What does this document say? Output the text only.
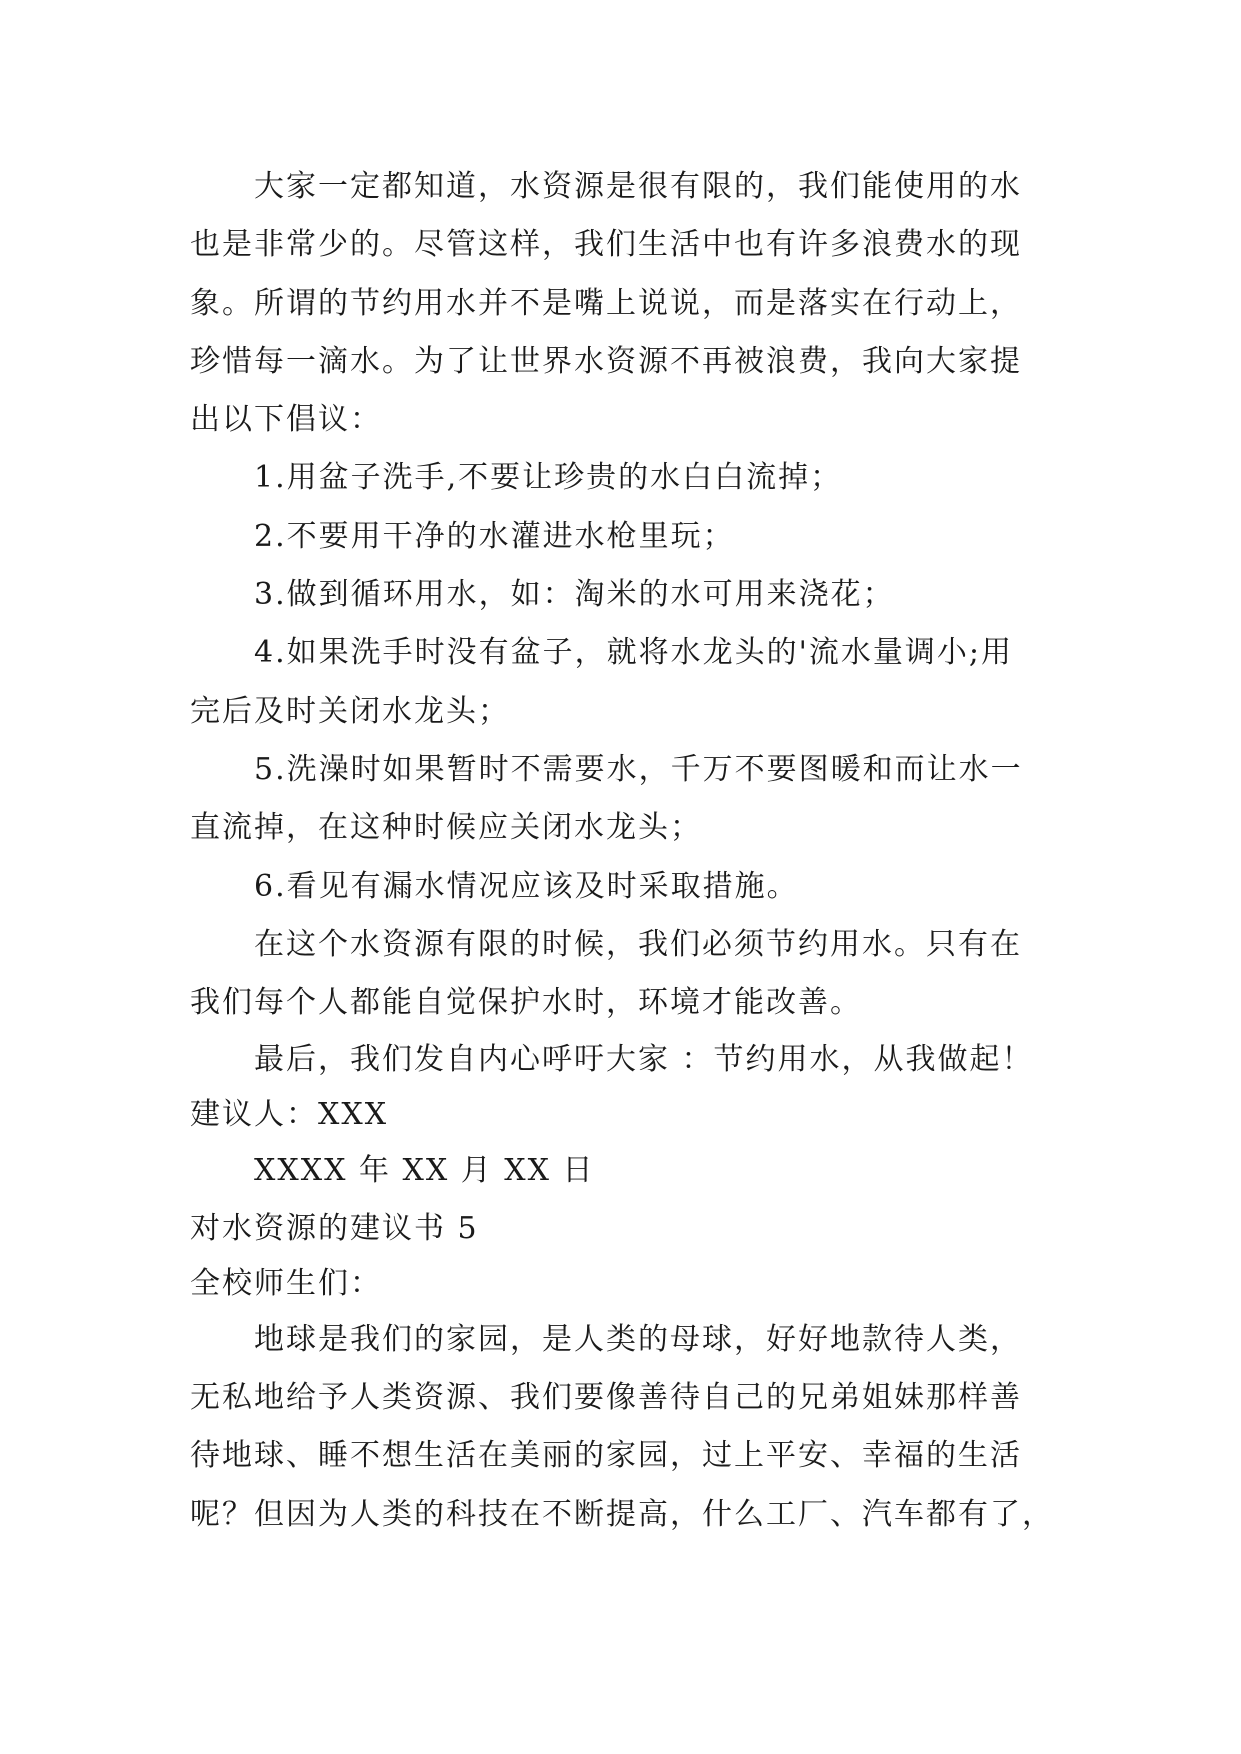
大家一定都知道，水资源是很有限的，我们能使用的水

也是非常少的。尽管这样，我们生活中也有许多浪费水的现

象。所谓的节约用水并不是嘴上说说，而是落实在行动上，

珍惜每一滴水。为了让世界水资源不再被浪费，我向大家提

出以下倡议：

1.用盆子洗手,不要让珍贵的水白白流掉；

2.不要用干净的水灌进水枪里玩；

3.做到循环用水，如：淘米的水可用来浇花；

4.如果洗手时没有盆子，就将水龙头的'流水量调小;用

完后及时关闭水龙头；

5.洗澡时如果暂时不需要水，千万不要图暖和而让水一

直流掉，在这种时候应关闭水龙头；

6.看见有漏水情况应该及时采取措施。

在这个水资源有限的时候，我们必须节约用水。只有在

我们每个人都能自觉保护水时，环境才能改善。

最后，我们发自内心呼吁大家 ：节约用水，从我做起！

建议人：XXX

XXXX 年 XX 月 XX 日

对水资源的建议书 5

全校师生们：

地球是我们的家园，是人类的母球，好好地款待人类，

无私地给予人类资源、我们要像善待自己的兄弟姐妹那样善

待地球、睡不想生活在美丽的家园，过上平安、幸福的生活

呢？但因为人类的科技在不断提高，什么工厂、汽车都有了，
